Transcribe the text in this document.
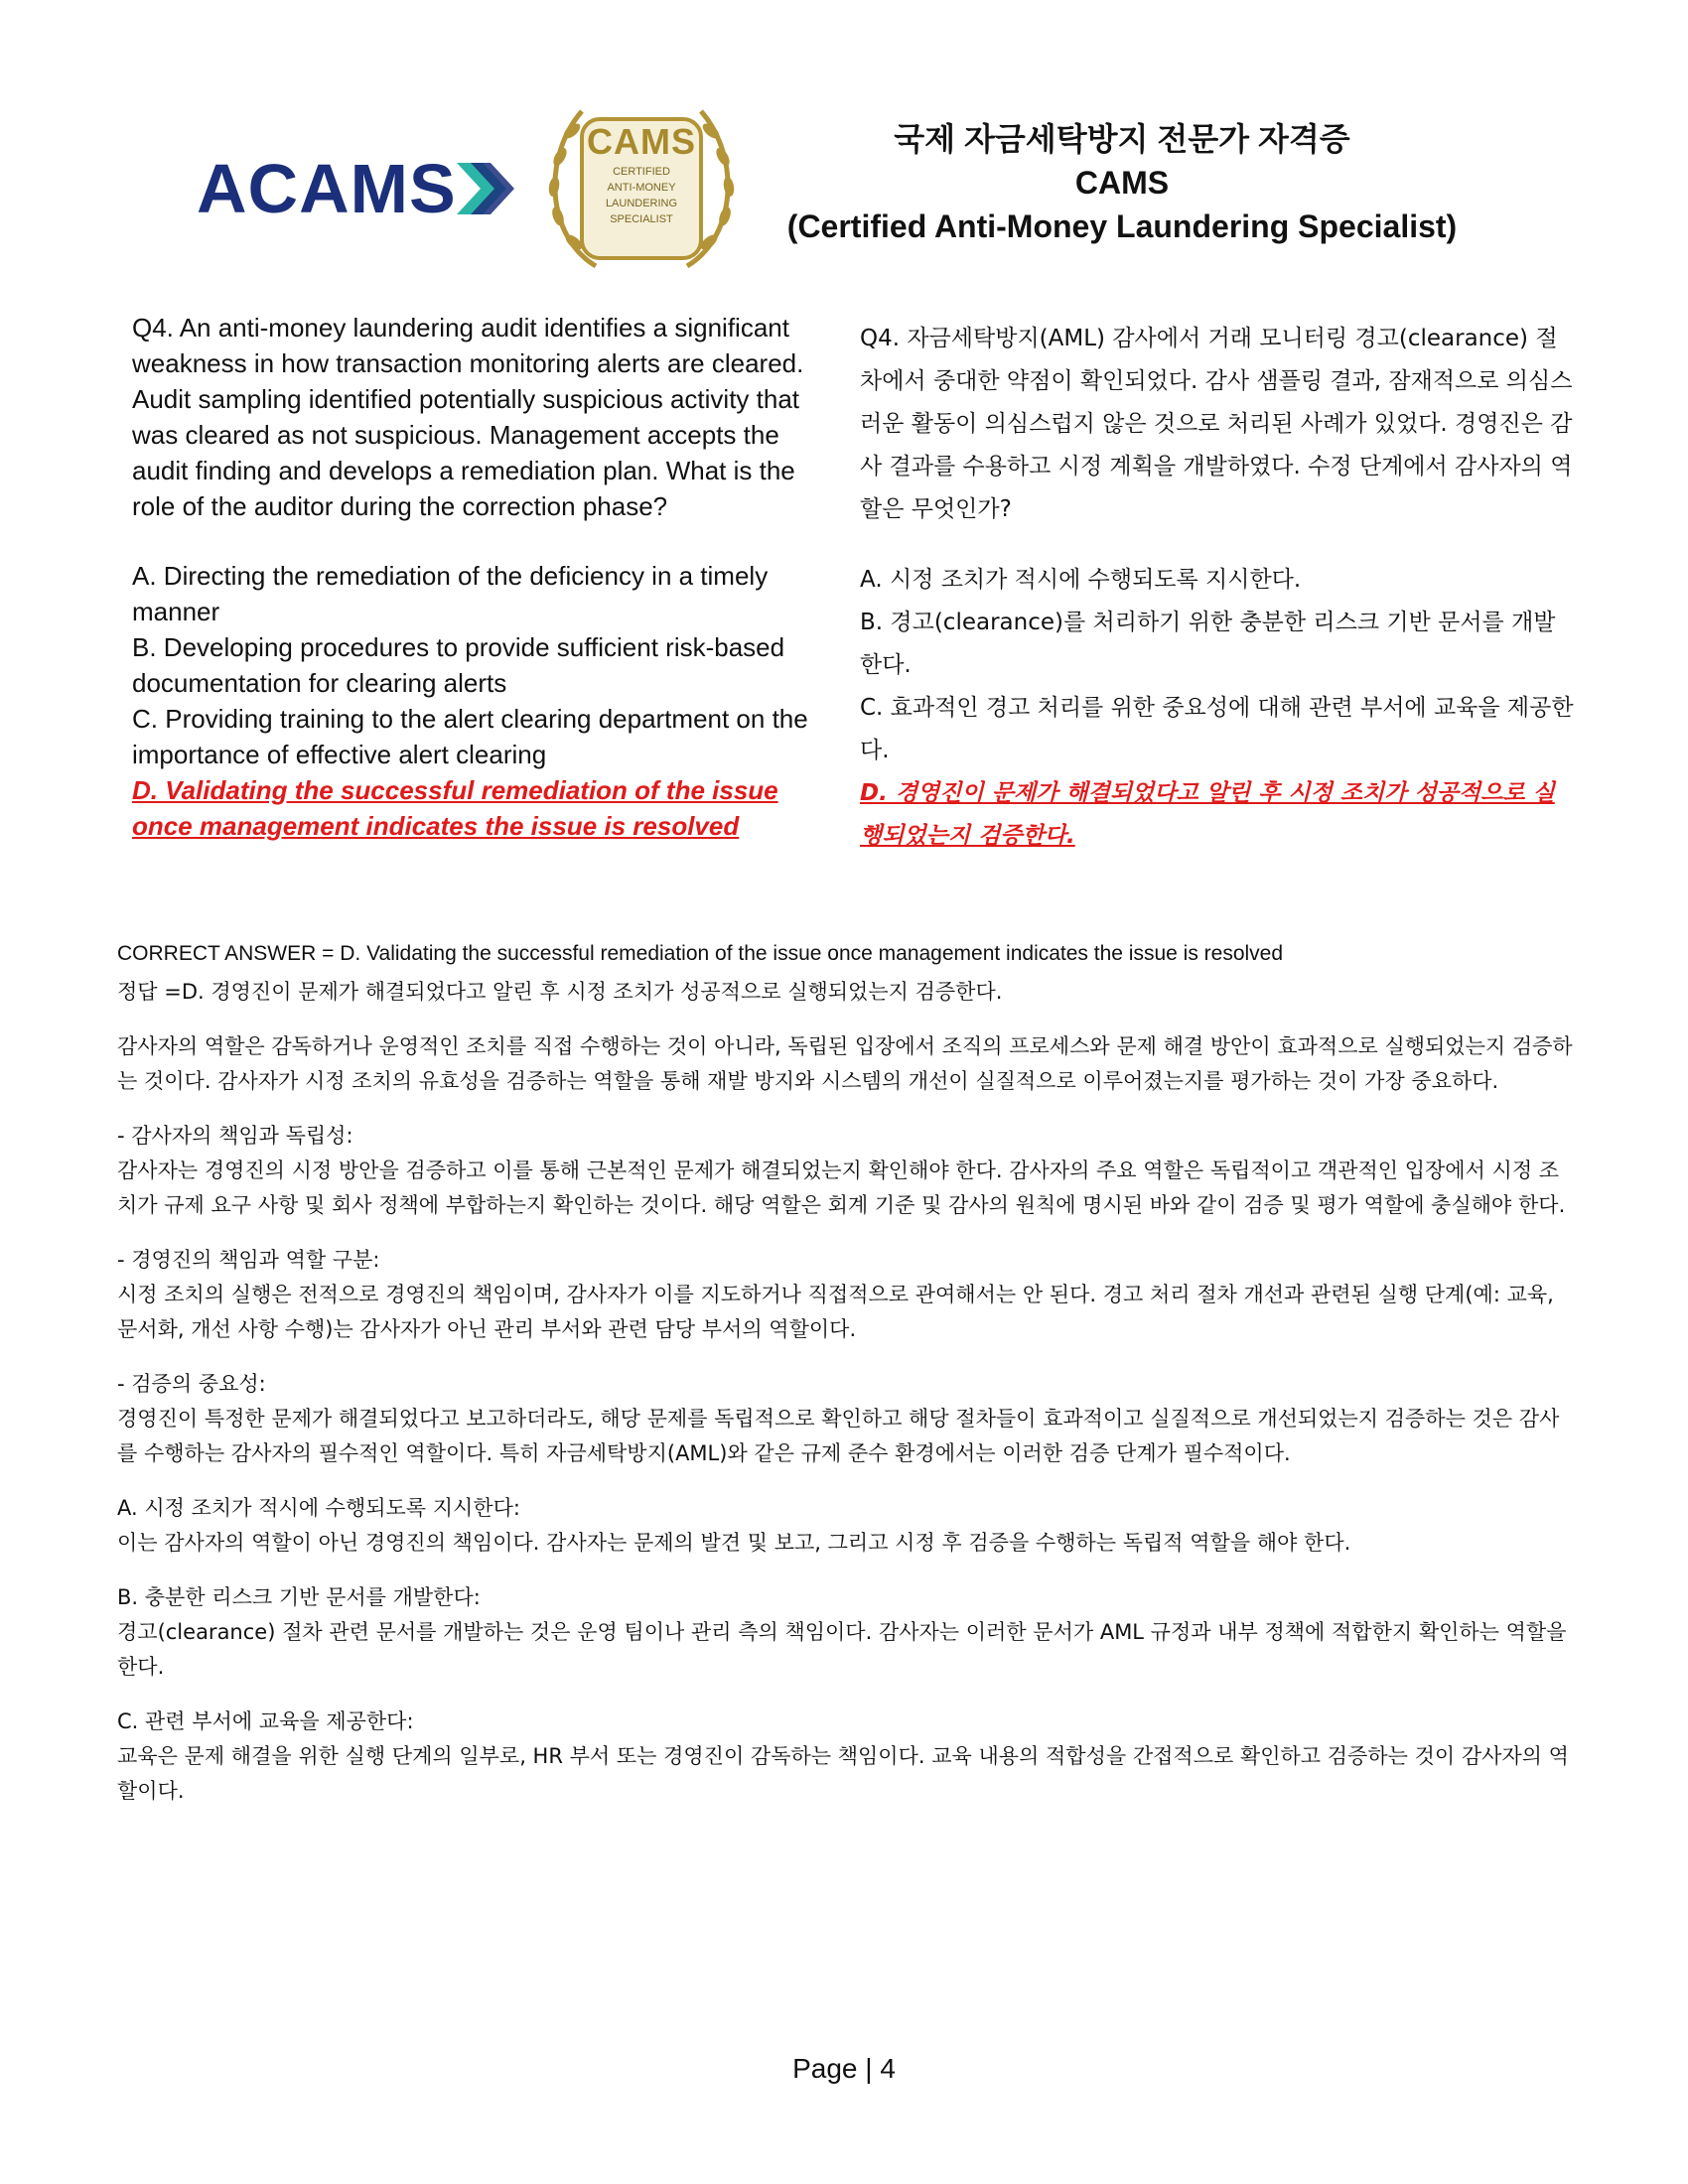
ACAMS
CAMS
CERTIFIED
ANTI-MONEY
LAUNDERING
SPECIALIST
국제 자금세탁방지 전문가 자격증
CAMS
(Certified Anti-Money Laundering Specialist)

Q4. An anti-money laundering audit identifies a significant weakness in how transaction monitoring alerts are cleared. Audit sampling identified potentially suspicious activity that was cleared as not suspicious. Management accepts the audit finding and develops a remediation plan. What is the role of the auditor during the correction phase?

A. Directing the remediation of the deficiency in a timely manner

B. Developing procedures to provide sufficient risk-based documentation for clearing alerts

C. Providing training to the alert clearing department on the importance of effective alert clearing

D. Validating the successful remediation of the issue once management indicates the issue is resolved

Q4. 자금세탁방지(AML) 감사에서 거래 모니터링 경고(clearance) 절차에서 중대한 약점이 확인되었다. 감사 샘플링 결과, 잠재적으로 의심스러운 활동이 의심스럽지 않은 것으로 처리된 사례가 있었다. 경영진은 감사 결과를 수용하고 시정 계획을 개발하였다. 수정 단계에서 감사자의 역할은 무엇인가?

A. 시정 조치가 적시에 수행되도록 지시한다.

B. 경고(clearance)를 처리하기 위한 충분한 리스크 기반 문서를 개발한다.

C. 효과적인 경고 처리를 위한 중요성에 대해 관련 부서에 교육을 제공한다.

D. 경영진이 문제가 해결되었다고 알린 후 시정 조치가 성공적으로 실행되었는지 검증한다.

CORRECT ANSWER = D. Validating the successful remediation of the issue once management indicates the issue is resolved

정답 =D. 경영진이 문제가 해결되었다고 알린 후 시정 조치가 성공적으로 실행되었는지 검증한다.

감사자의 역할은 감독하거나 운영적인 조치를 직접 수행하는 것이 아니라, 독립된 입장에서 조직의 프로세스와 문제 해결 방안이 효과적으로 실행되었는지 검증하는 것이다. 감사자가 시정 조치의 유효성을 검증하는 역할을 통해 재발 방지와 시스템의 개선이 실질적으로 이루어졌는지를 평가하는 것이 가장 중요하다.

- 감사자의 책임과 독립성:

감사자는 경영진의 시정 방안을 검증하고 이를 통해 근본적인 문제가 해결되었는지 확인해야 한다. 감사자의 주요 역할은 독립적이고 객관적인 입장에서 시정 조치가 규제 요구 사항 및 회사 정책에 부합하는지 확인하는 것이다. 해당 역할은 회계 기준 및 감사의 원칙에 명시된 바와 같이 검증 및 평가 역할에 충실해야 한다.

- 경영진의 책임과 역할 구분:

시정 조치의 실행은 전적으로 경영진의 책임이며, 감사자가 이를 지도하거나 직접적으로 관여해서는 안 된다. 경고 처리 절차 개선과 관련된 실행 단계(예: 교육, 문서화, 개선 사항 수행)는 감사자가 아닌 관리 부서와 관련 담당 부서의 역할이다.

- 검증의 중요성:

경영진이 특정한 문제가 해결되었다고 보고하더라도, 해당 문제를 독립적으로 확인하고 해당 절차들이 효과적이고 실질적으로 개선되었는지 검증하는 것은 감사를 수행하는 감사자의 필수적인 역할이다. 특히 자금세탁방지(AML)와 같은 규제 준수 환경에서는 이러한 검증 단계가 필수적이다.

A. 시정 조치가 적시에 수행되도록 지시한다:

이는 감사자의 역할이 아닌 경영진의 책임이다. 감사자는 문제의 발견 및 보고, 그리고 시정 후 검증을 수행하는 독립적 역할을 해야 한다.

B. 충분한 리스크 기반 문서를 개발한다:

경고(clearance) 절차 관련 문서를 개발하는 것은 운영 팀이나 관리 측의 책임이다. 감사자는 이러한 문서가 AML 규정과 내부 정책에 적합한지 확인하는 역할을 한다.

C. 관련 부서에 교육을 제공한다:

교육은 문제 해결을 위한 실행 단계의 일부로, HR 부서 또는 경영진이 감독하는 책임이다. 교육 내용의 적합성을 간접적으로 확인하고 검증하는 것이 감사자의 역할이다.

Page | 4
